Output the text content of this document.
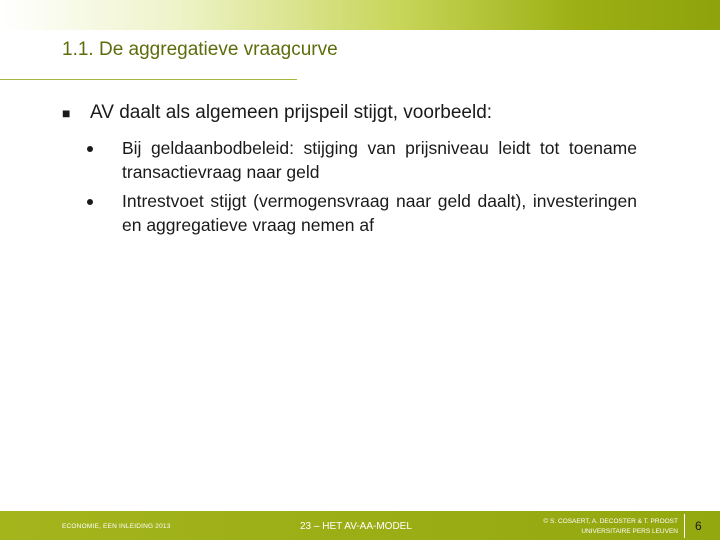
1.1. De aggregatieve vraagcurve
■ AV daalt als algemeen prijspeil stijgt, voorbeeld:
Bij geldaanbodbeleid: stijging van prijsniveau leidt tot toename transactievraag naar geld
Intrestvoet stijgt (vermogensvraag naar geld daalt), investeringen en aggregatieve vraag nemen af
ECONOMIE, EEN INLEIDING 2013	23 – HET AV-AA-MODEL	© S. COSAERT, A. DECOSTER & T. PROOST
UNIVERSITAIRE PERS LEUVEN 6
